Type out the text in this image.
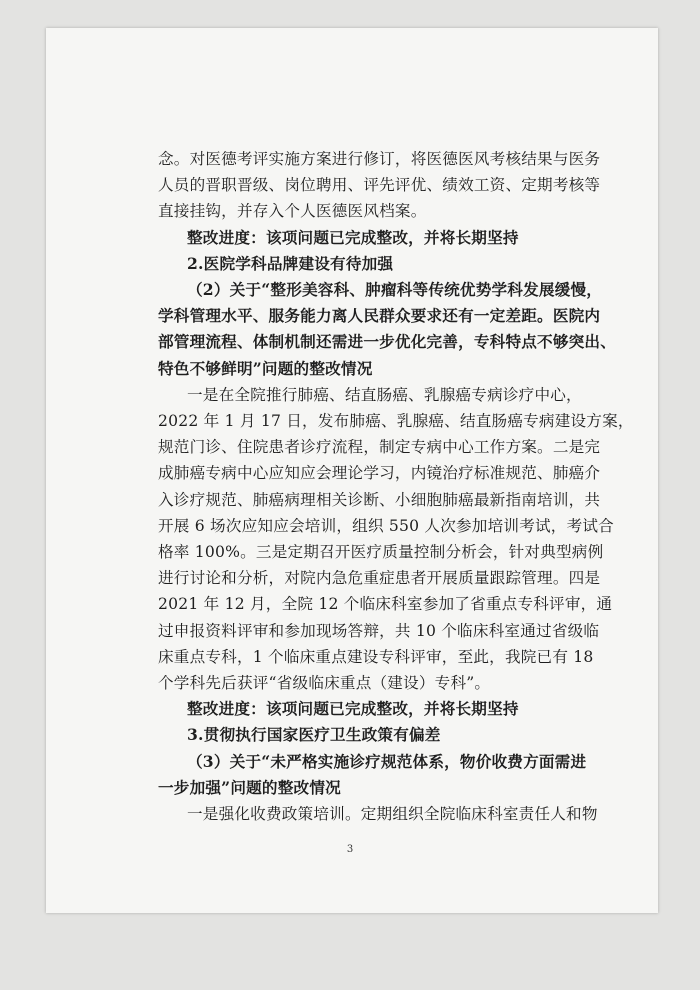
念。对医德考评实施方案进行修订，将医德医风考核结果与医务
人员的晋职晋级、岗位聘用、评先评优、绩效工资、定期考核等
直接挂钩，并存入个人医德医风档案。
整改进度：该项问题已完成整改，并将长期坚持
2.医院学科品牌建设有待加强
（2）关于“整形美容科、肿瘤科等传统优势学科发展缓慢，
学科管理水平、服务能力离人民群众要求还有一定差距。医院内
部管理流程、体制机制还需进一步优化完善，专科特点不够突出、
特色不够鲜明”问题的整改情况
一是在全院推行肺癌、结直肠癌、乳腺癌专病诊疗中心，
2022 年 1 月 17 日，发布肺癌、乳腺癌、结直肠癌专病建设方案，
规范门诊、住院患者诊疗流程，制定专病中心工作方案。二是完
成肺癌专病中心应知应会理论学习，内镜治疗标准规范、肺癌介
入诊疗规范、肺癌病理相关诊断、小细胞肺癌最新指南培训，共
开展 6 场次应知应会培训，组织 550 人次参加培训考试，考试合
格率 100%。三是定期召开医疗质量控制分析会，针对典型病例
进行讨论和分析，对院内急危重症患者开展质量跟踪管理。四是
2021 年 12 月，全院 12 个临床科室参加了省重点专科评审，通
过申报资料评审和参加现场答辩，共 10 个临床科室通过省级临
床重点专科，1 个临床重点建设专科评审，至此，我院已有 18
个学科先后获评“省级临床重点（建设）专科”。
整改进度：该项问题已完成整改，并将长期坚持
3.贯彻执行国家医疗卫生政策有偏差
（3）关于“未严格实施诊疗规范体系，物价收费方面需进
一步加强”问题的整改情况
一是强化收费政策培训。定期组织全院临床科室责任人和物
3
